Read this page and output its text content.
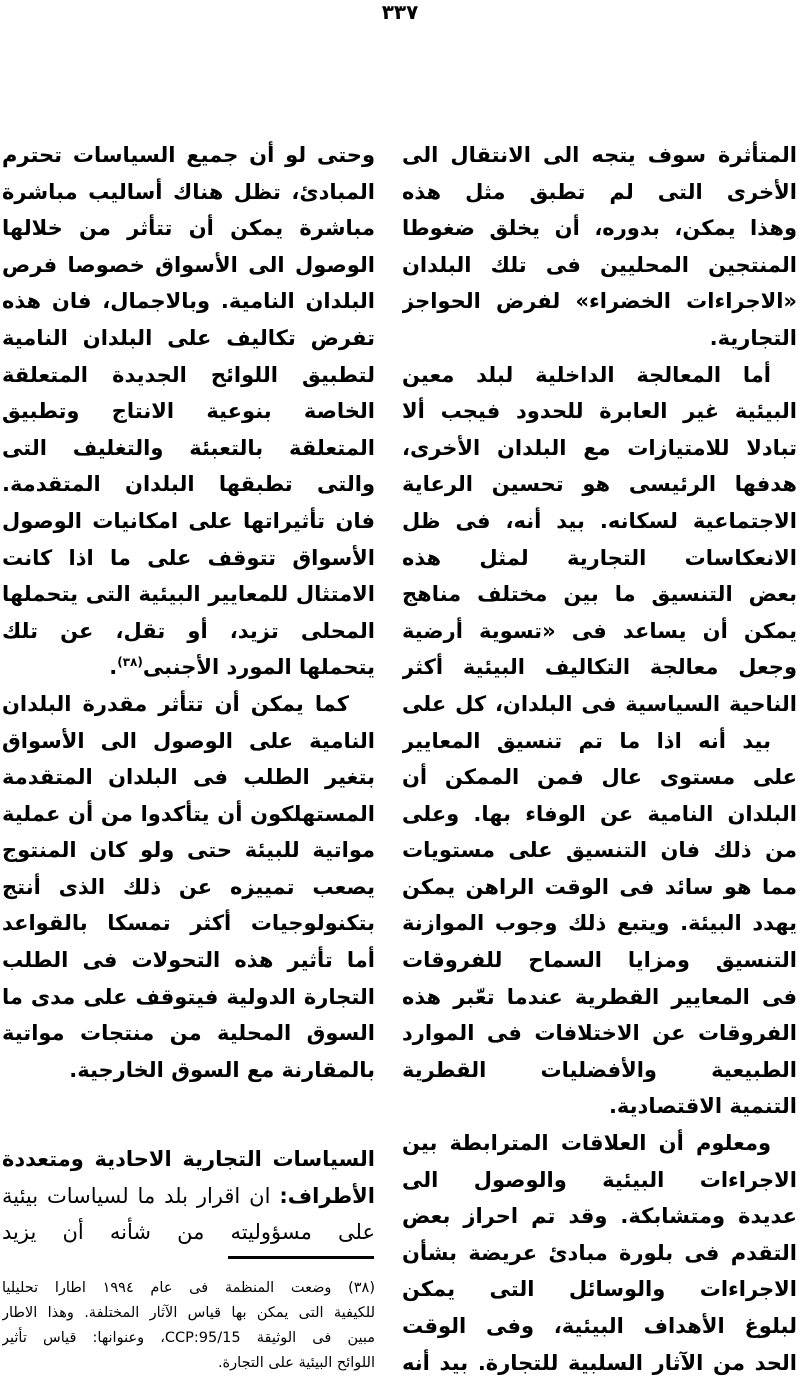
٣٣٧
المتأثرة سوف يتجه الى الانتقال الى
الأخرى التى لم تطبق مثل هذه
وهذا يمكن، بدوره، أن يخلق ضغوطا
المنتجين المحليين فى تلك البلدان
«الاجراءات الخضراء» لفرض الحواجز
التجارية.
أما المعالجة الداخلية لبلد معين
البيئية غير العابرة للحدود فيجب ألا
تبادلا للامتيازات مع البلدان الأخرى،
هدفها الرئيسى هو تحسين الرعاية
الاجتماعية لسكانه. بيد أنه، فى ظل
الانعكاسات التجارية لمثل هذه
بعض التنسيق ما بين مختلف مناهج
يمكن أن يساعد فى «تسوية أرضية
وجعل معالجة التكاليف البيئية أكثر
الناحية السياسية فى البلدان، كل على
بيد أنه اذا ما تم تنسيق المعايير
على مستوى عال فمن الممكن أن
البلدان النامية عن الوفاء بها. وعلى
من ذلك فان التنسيق على مستويات
مما هو سائد فى الوقت الراهن يمكن
يهدد البيئة. ويتبع ذلك وجوب الموازنة
التنسيق ومزايا السماح للفروقات
فى المعايير القطرية عندما تعّبر هذه
الفروقات عن الاختلافات فى الموارد
الطبيعية والأفضليات القطرية
التنمية الاقتصادية.
ومعلوم أن العلاقات المترابطة بين
الاجراءات البيئية والوصول الى
عديدة ومتشابكة. وقد تم احراز بعض
التقدم فى بلورة مبادئ عريضة بشأن
الاجراءات والوسائل التى يمكن
لبلوغ الأهداف البيئية، وفى الوقت
الحد من الآثار السلبية للتجارة. بيد أنه
وحتى لو أن جميع السياسات تحترم
المبادئ، تظل هناك أساليب مباشرة
مباشرة يمكن أن تتأثر من خلالها
الوصول الى الأسواق خصوصا فرص
البلدان النامية. وبالاجمال، فان هذه
تفرض تكاليف على البلدان النامية
لتطبيق اللوائح الجديدة المتعلقة
الخاصة بنوعية الانتاج وتطبيق
المتعلقة بالتعبئة والتغليف التى
والتى تطبقها البلدان المتقدمة.
فان تأثيراتها على امكانيات الوصول
الأسواق تتوقف على ما اذا كانت
الامتثال للمعايير البيئية التى يتحملها
المحلى تزيد، أو تقل، عن تلك
يتحملها المورد الأجنبى$^{(٣٨)}$.
كما يمكن أن تتأثر مقدرة البلدان
النامية على الوصول الى الأسواق
بتغير الطلب فى البلدان المتقدمة
المستهلكون أن يتأكدوا من أن عملية
مواتية للبيئة حتى ولو كان المنتوج
يصعب تمييزه عن ذلك الذى أنتج
بتكنولوجيات أكثر تمسكا بالقواعد
أما تأثير هذه التحولات فى الطلب
التجارة الدولية فيتوقف على مدى ما
السوق المحلية من منتجات مواتية
بالمقارنة مع السوق الخارجية.
السياسات التجارية الاحادية ومتعددة
الأطراف: ان اقرار بلد ما لسياسات بيئية
على مسؤوليته من شأنه أن يزيد
(٣٨) وضعت المنظمة فى عام ١٩٩٤ اطارا تحليليا
للكيفية التى يمكن بها قياس الآثار المختلفة. وهذا الاطار
مبين فى الوثيقة CCP:95/15، وعنوانها: قياس تأثير
اللوائح البيئية على التجارة.
